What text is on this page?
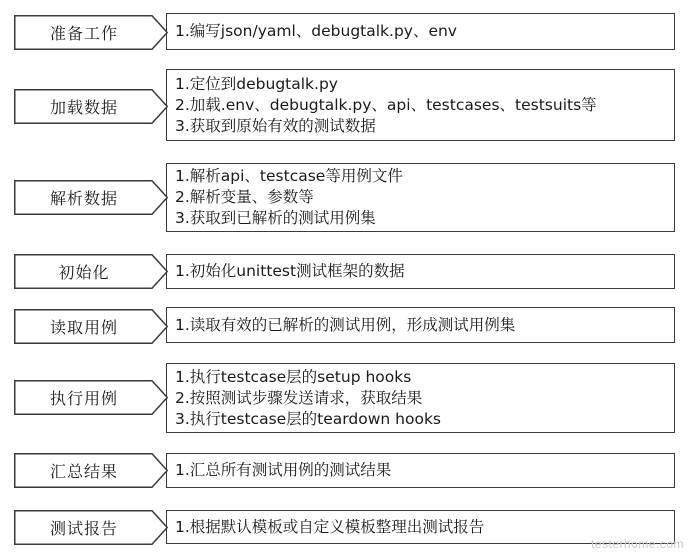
准备工作	1.编写json/yaml、debugtalk.py、env
加载数据
1.定位到debugtalk.py
2.加载.env、debugtalk.py、api、testcases、testsuits等
3.获取到原始有效的测试数据
解析数据
1.解析api、testcase等用例文件
2.解析变量、参数等
3.获取到已解析的测试用例集
初始化	1.初始化unittest测试框架的数据
读取用例	1.读取有效的已解析的测试用例，形成测试用例集
执行用例
1.执行testcase层的setup hooks
2.按照测试步骤发送请求，获取结果
3.执行testcase层的teardown hooks
汇总结果	1.汇总所有测试用例的测试结果
测试报告	1.根据默认模板或自定义模板整理出测试报告
testerhome.com
